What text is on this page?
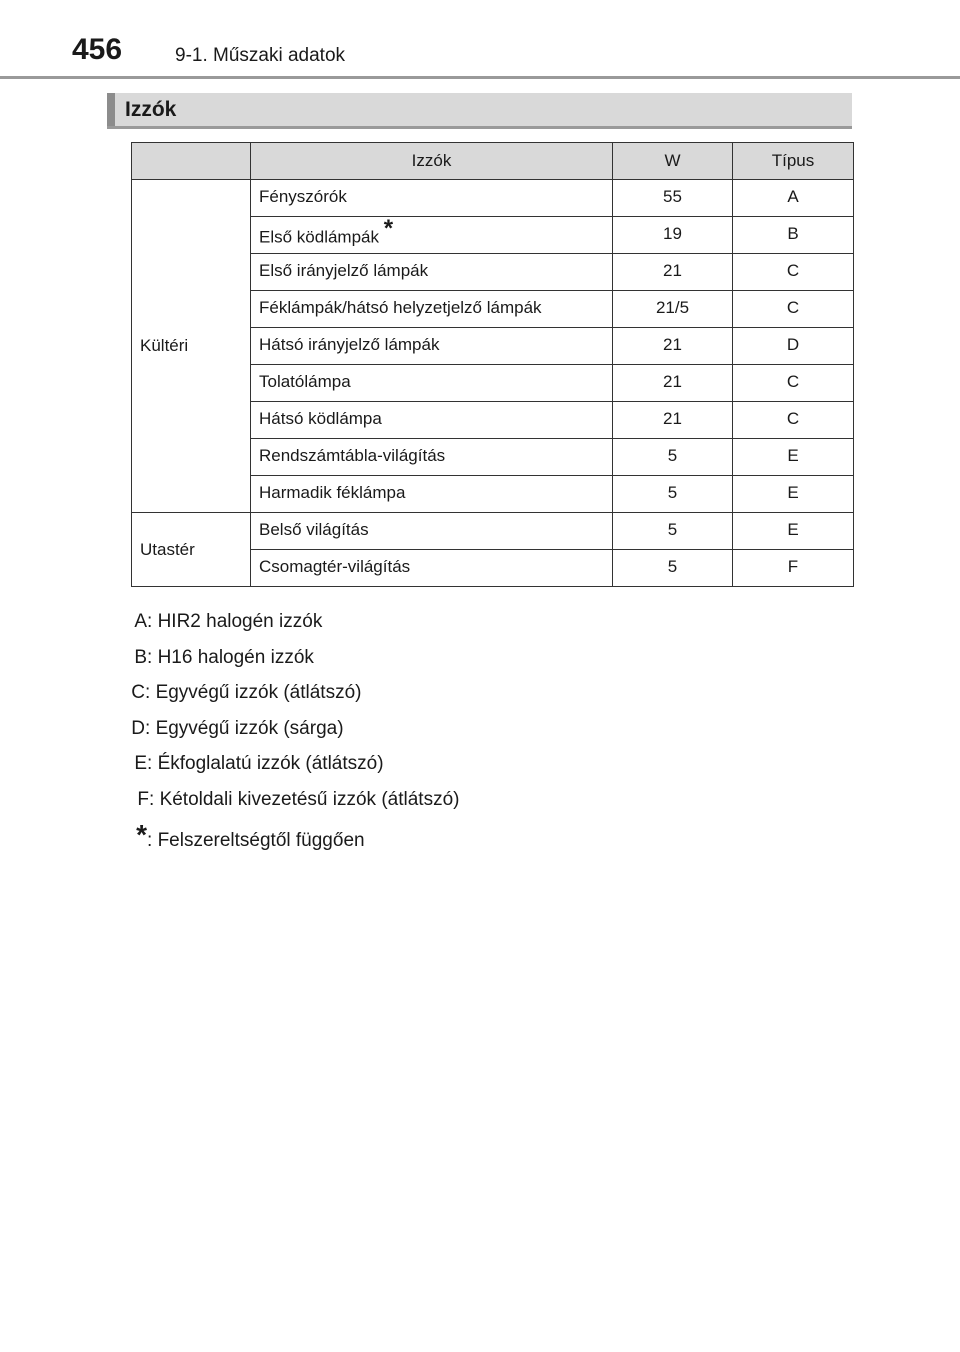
456	9-1. Műszaki adatok
Izzók
	Izzók	W	Típus
Kültéri	Fényszórók	55	A
	Első ködlámpák *	19	B
	Első irányjelző lámpák	21	C
	Féklámpák/hátsó helyzetjelző lámpák	21/5	C
	Hátsó irányjelző lámpák	21	D
	Tolatólámpa	21	C
	Hátsó ködlámpa	21	C
	Rendszámtábla-világítás	5	E
	Harmadik féklámpa	5	E
Utastér	Belső világítás	5	E
	Csomagtér-világítás	5	F
A: HIR2 halogén izzók
B: H16 halogén izzók
C: Egyvégű izzók (átlátszó)
D: Egyvégű izzók (sárga)
E: Ékfoglalatú izzók (átlátszó)
F: Kétoldali kivezetésű izzók (átlátszó)
*: Felszereltségtől függően
